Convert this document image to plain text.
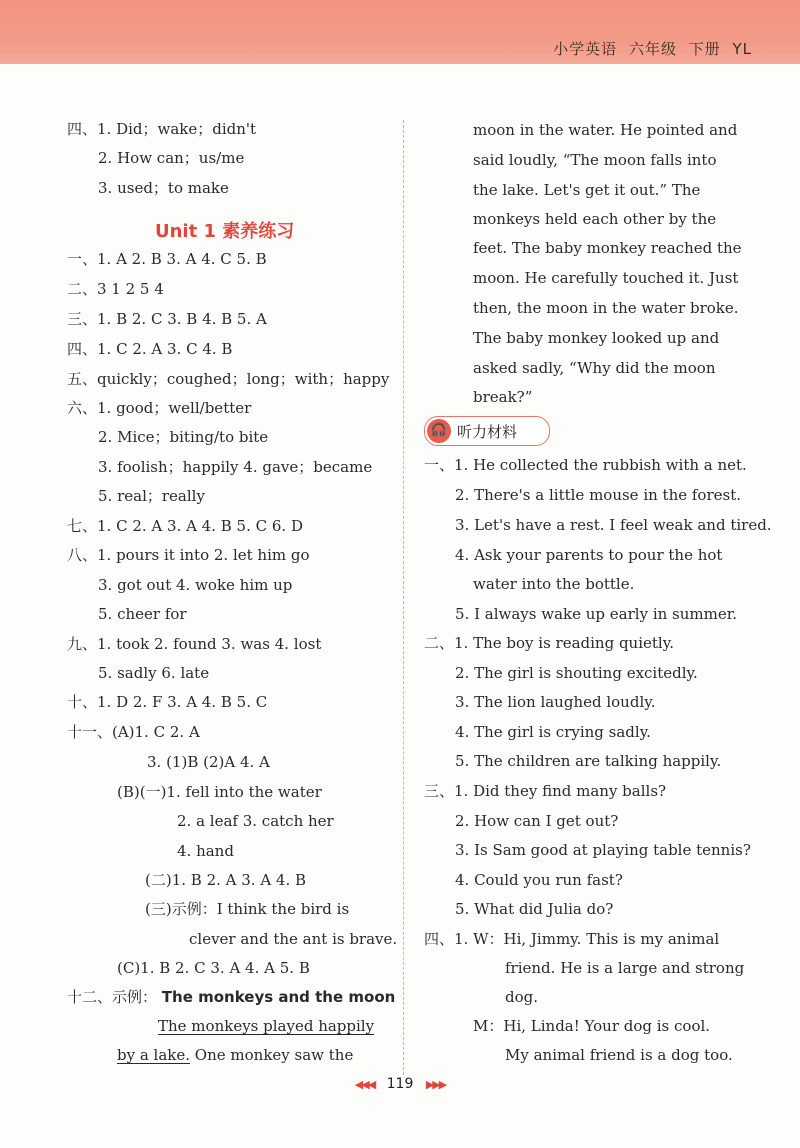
小学英语 六年级 下册 YL
Unit 1 素养练习
🎧 听力材料
四、1. Did；wake；didn't
2. How can；us/me
3. used；to make
一、1. A 2. B 3. A 4. C 5. B
二、3 1 2 5 4
三、1. B 2. C 3. B 4. B 5. A
四、1. C 2. A 3. C 4. B
五、quickly；coughed；long；with；happy
六、1. good；well/better
2. Mice；biting/to bite
3. foolish；happily 4. gave；became
5. real；really
七、1. C 2. A 3. A 4. B 5. C 6. D
八、1. pours it into 2. let him go
3. got out 4. woke him up
5. cheer for
九、1. took 2. found 3. was 4. lost
5. sadly 6. late
十、1. D 2. F 3. A 4. B 5. C
十一、(A)1. C 2. A
3. (1)B (2)A 4. A
(B)(一)1. fell into the water
2. a leaf 3. catch her
4. hand
(二)1. B 2. A 3. A 4. B
(三)示例：I think the bird is
clever and the ant is brave.
(C)1. B 2. C 3. A 4. A 5. B
十二、示例： The monkeys and the moon
The monkeys played happily
by a lake. One monkey saw the
moon in the water. He pointed and
said loudly, “The moon falls into
the lake. Let's get it out.” The
monkeys held each other by the
feet. The baby monkey reached the
moon. He carefully touched it. Just
then, the moon in the water broke.
The baby monkey looked up and
asked sadly, “Why did the moon
break?”
一、1. He collected the rubbish with a net.
2. There's a little mouse in the forest.
3. Let's have a rest. I feel weak and tired.
4. Ask your parents to pour the hot
water into the bottle.
5. I always wake up early in summer.
二、1. The boy is reading quietly.
2. The girl is shouting excitedly.
3. The lion laughed loudly.
4. The girl is crying sadly.
5. The children are talking happily.
三、1. Did they find many balls?
2. How can I get out?
3. Is Sam good at playing table tennis?
4. Could you run fast?
5. What did Julia do?
四、1. W：Hi, Jimmy. This is my animal
friend. He is a large and strong
dog.
M：Hi, Linda! Your dog is cool.
My animal friend is a dog too.
◀◀◀ 119 ▶▶▶
